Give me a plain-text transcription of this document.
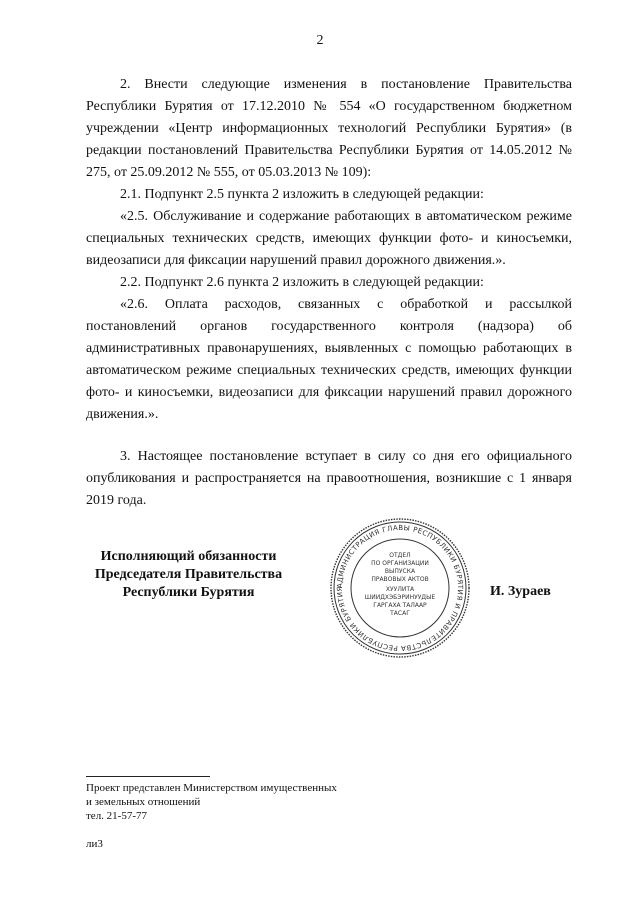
2

2. Внести следующие изменения в постановление Правительства Республики Бурятия от 17.12.2010 № 554 «О государственном бюджетном учреждении «Центр информационных технологий Республики Бурятия» (в редакции постановлений Правительства Республики Бурятия от 14.05.2012 № 275, от 25.09.2012 № 555, от 05.03.2013 № 109):

2.1. Подпункт 2.5 пункта 2 изложить в следующей редакции:

«2.5. Обслуживание и содержание работающих в автоматическом режиме специальных технических средств, имеющих функции фото- и киносъемки, видеозаписи для фиксации нарушений правил дорожного движения.».

2.2. Подпункт 2.6 пункта 2 изложить в следующей редакции:

«2.6. Оплата расходов, связанных с обработкой и рассылкой постановлений органов государственного контроля (надзора) об административных правонарушениях, выявленных с помощью работающих в автоматическом режиме специальных технических средств, имеющих функции фото- и киносъемки, видеозаписи для фиксации нарушений правил дорожного движения.».

3. Настоящее постановление вступает в силу со дня его официального опубликования и распространяется на правоотношения, возникшие с 1 января 2019 года.

Исполняющий обязанности
Председателя Правительства
Республики Бурятия	АДМИНИСТРАЦИЯ ГЛАВЫ РЕСПУБЛИКИ БУРЯТИЯ И ПРАВИТЕЛЬСТВА РЕСПУБЛИКИ БУРЯТИЯ
ОТДЕЛ
ПО ОРГАНИЗАЦИИ
ВЫПУСКА
ПРАВОВЫХ АКТОВ
ХУУЛИТА
ШИИДХЭБЭРИНУУДЫЕ
ГАРГАХА ТАЛААР
ТАСАГ
И. Зураев
Проект представлен Министерством имущественных
и земельных отношений
тел. 21-57-77
ли3
